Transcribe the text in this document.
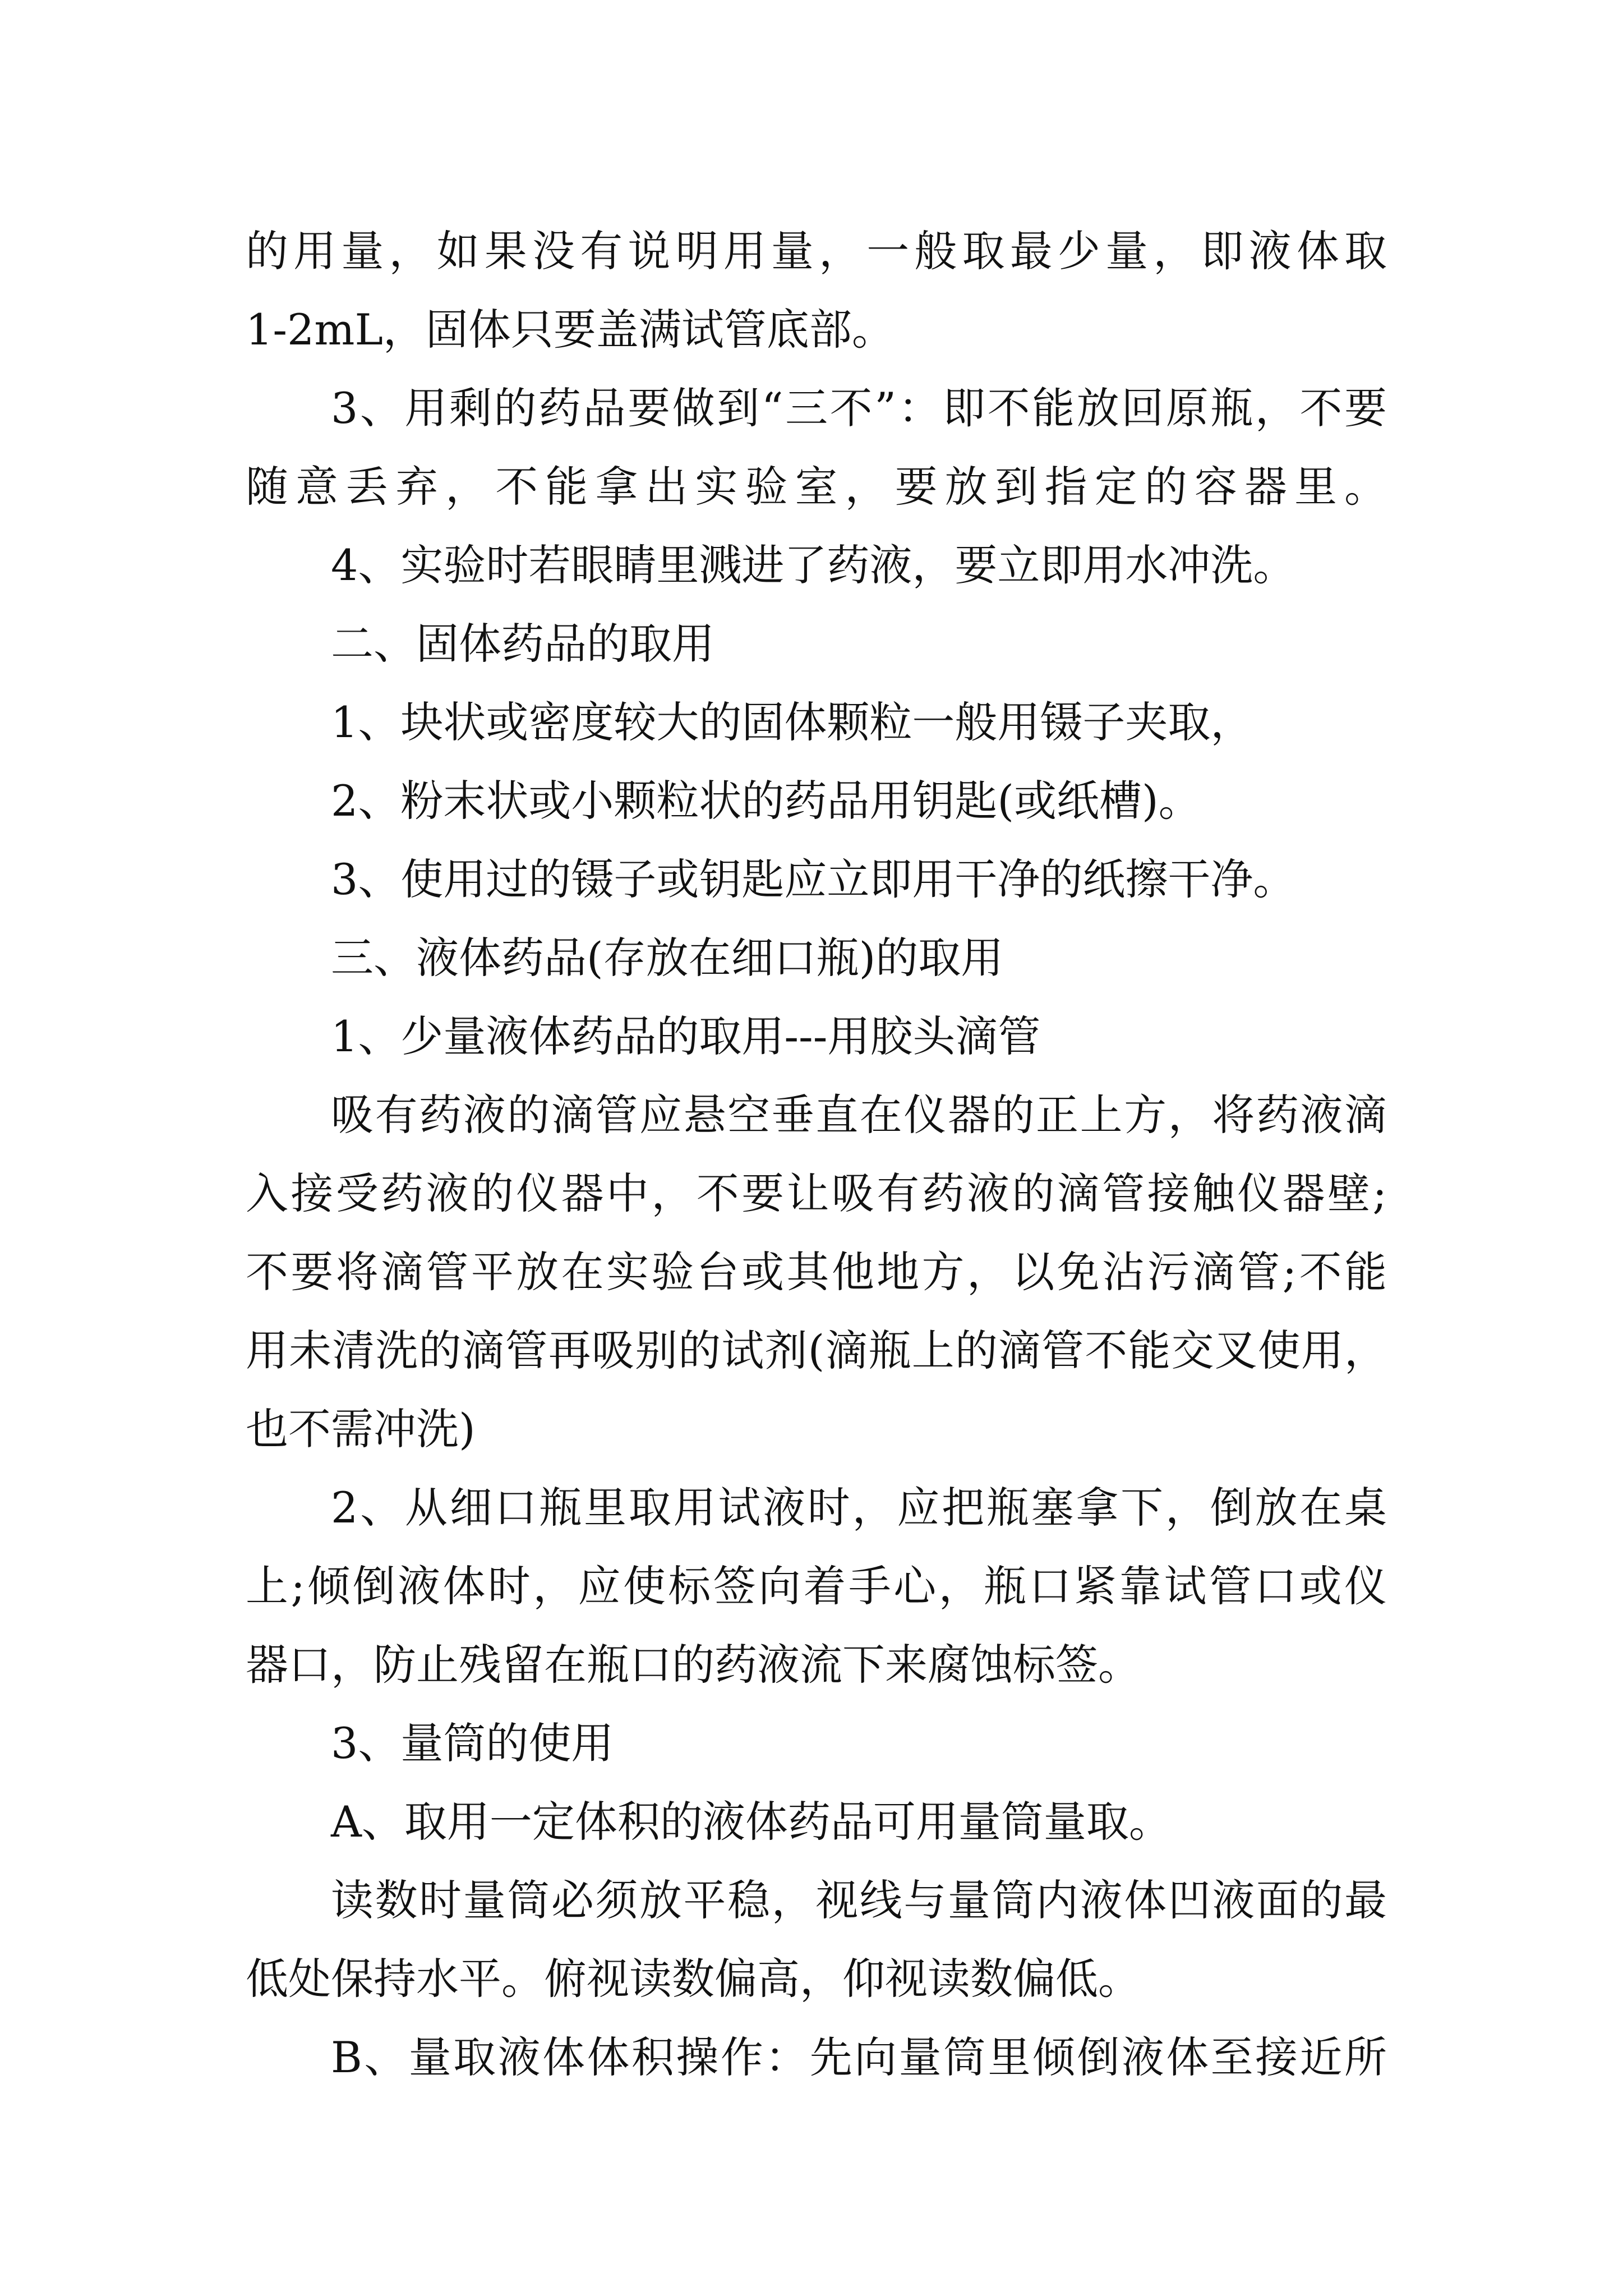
的用量，如果没有说明用量，一般取最少量，即液体取
1-2mL，固体只要盖满试管底部。
3、用剩的药品要做到“三不”：即不能放回原瓶，不要
随意丢弃，不能拿出实验室，要放到指定的容器里。
4、实验时若眼睛里溅进了药液，要立即用水冲洗。
二、固体药品的取用
1、块状或密度较大的固体颗粒一般用镊子夹取，
2、粉末状或小颗粒状的药品用钥匙(或纸槽)。
3、使用过的镊子或钥匙应立即用干净的纸擦干净。
三、液体药品(存放在细口瓶)的取用
1、少量液体药品的取用---用胶头滴管
吸有药液的滴管应悬空垂直在仪器的正上方，将药液滴
入接受药液的仪器中，不要让吸有药液的滴管接触仪器壁;
不要将滴管平放在实验台或其他地方，以免沾污滴管;不能
用未清洗的滴管再吸别的试剂(滴瓶上的滴管不能交叉使用，
也不需冲洗)
2、从细口瓶里取用试液时，应把瓶塞拿下，倒放在桌
上;倾倒液体时，应使标签向着手心，瓶口紧靠试管口或仪
器口，防止残留在瓶口的药液流下来腐蚀标签。
3、量筒的使用
A、取用一定体积的液体药品可用量筒量取。
读数时量筒必须放平稳，视线与量筒内液体凹液面的最
低处保持水平。俯视读数偏高，仰视读数偏低。
B、量取液体体积操作：先向量筒里倾倒液体至接近所
